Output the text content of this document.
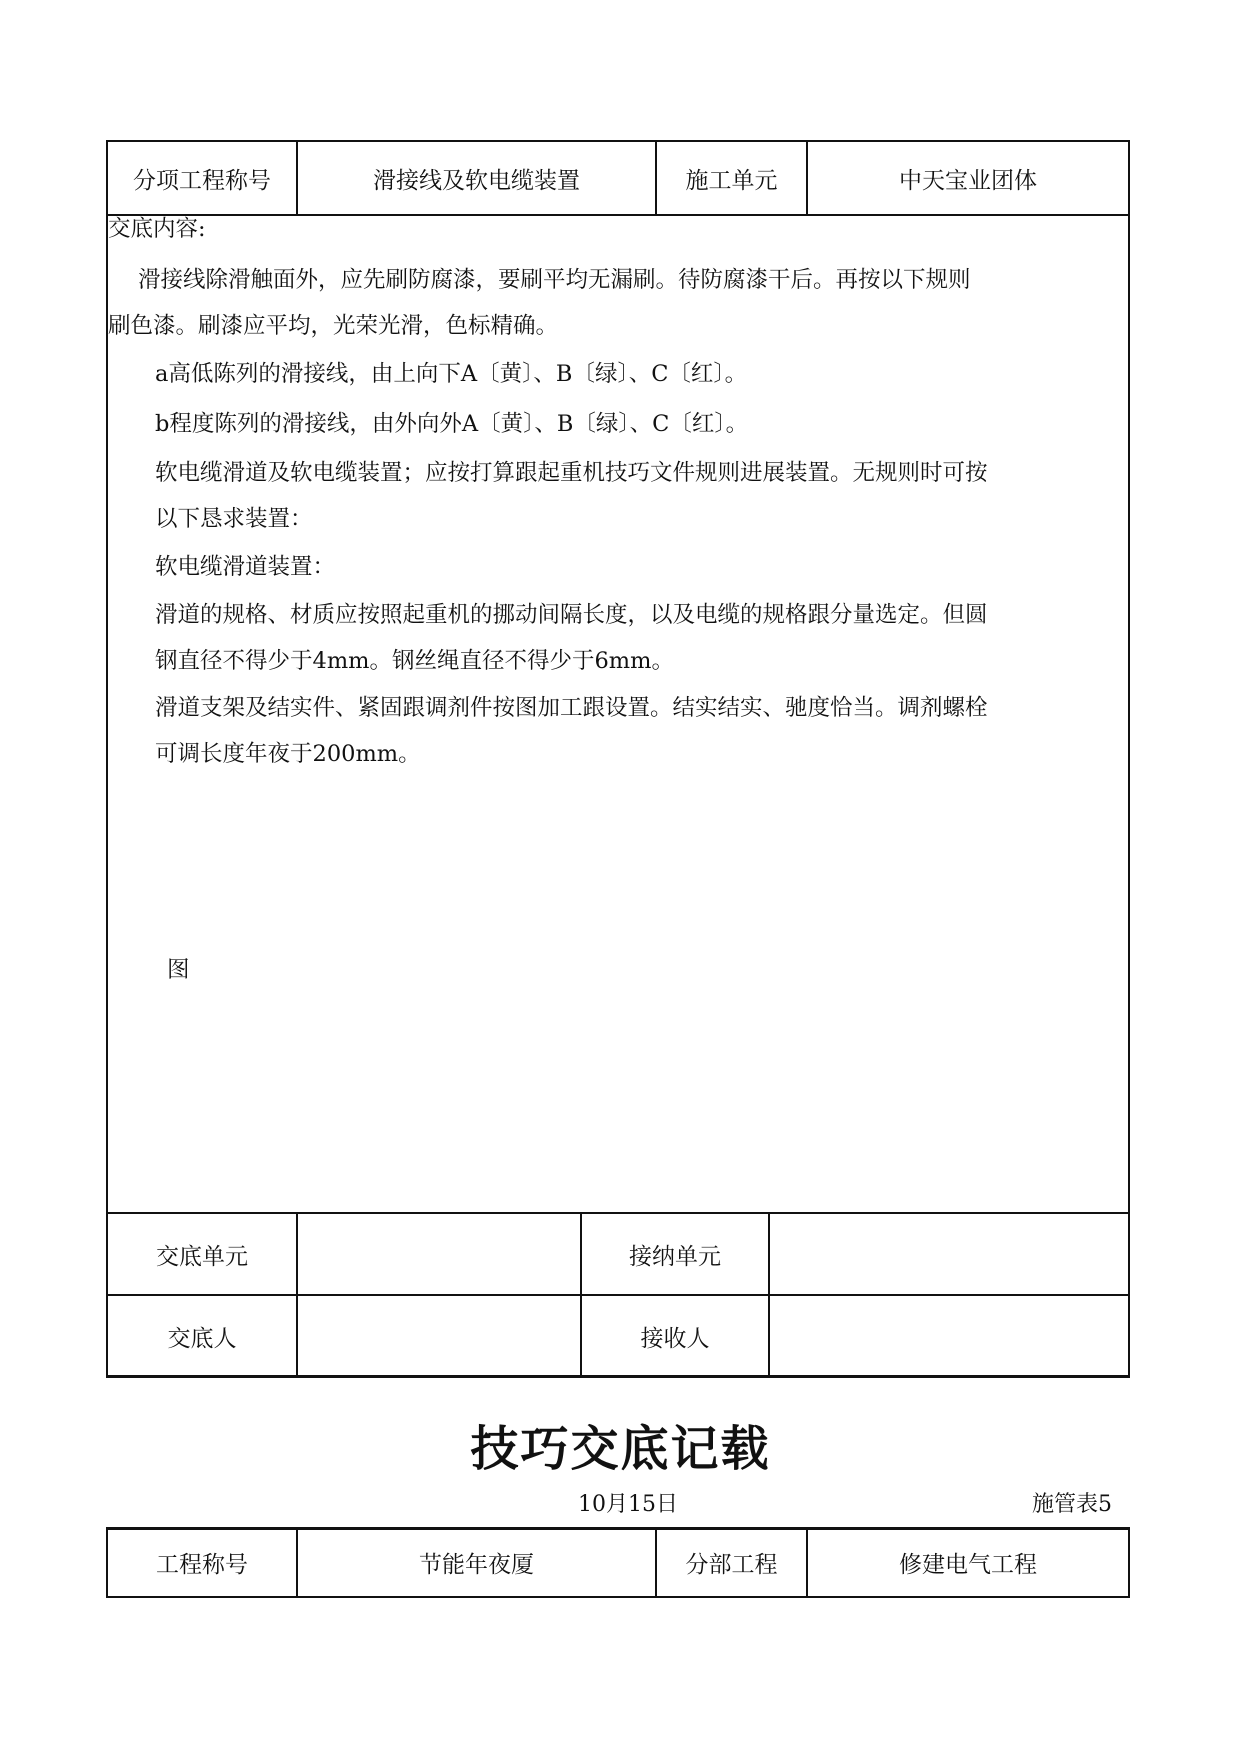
分项工程称号	滑接线及软电缆装置	施工单元	中天宝业团体
交底内容:
滑接线除滑触面外，应先刷防腐漆，要刷平均无漏刷。待防腐漆干后。再按以下规则
刷色漆。刷漆应平均，光荣光滑，色标精确。
a高低陈列的滑接线，由上向下A〔黄〕、B〔绿〕、C〔红〕。
b程度陈列的滑接线，由外向外A〔黄〕、B〔绿〕、C〔红〕。
软电缆滑道及软电缆装置；应按打算跟起重机技巧文件规则进展装置。无规则时可按
以下恳求装置：
软电缆滑道装置：
滑道的规格、材质应按照起重机的挪动间隔长度，以及电缆的规格跟分量选定。但圆
钢直径不得少于4mm。钢丝绳直径不得少于6mm。
滑道支架及结实件、紧固跟调剂件按图加工跟设置。结实结实、驰度恰当。调剂螺栓
可调长度年夜于200mm。
图
交底单元	接纳单元
交底人	接收人
技巧交底记载
10月15日	施管表5
工程称号	节能年夜厦	分部工程	修建电气工程
